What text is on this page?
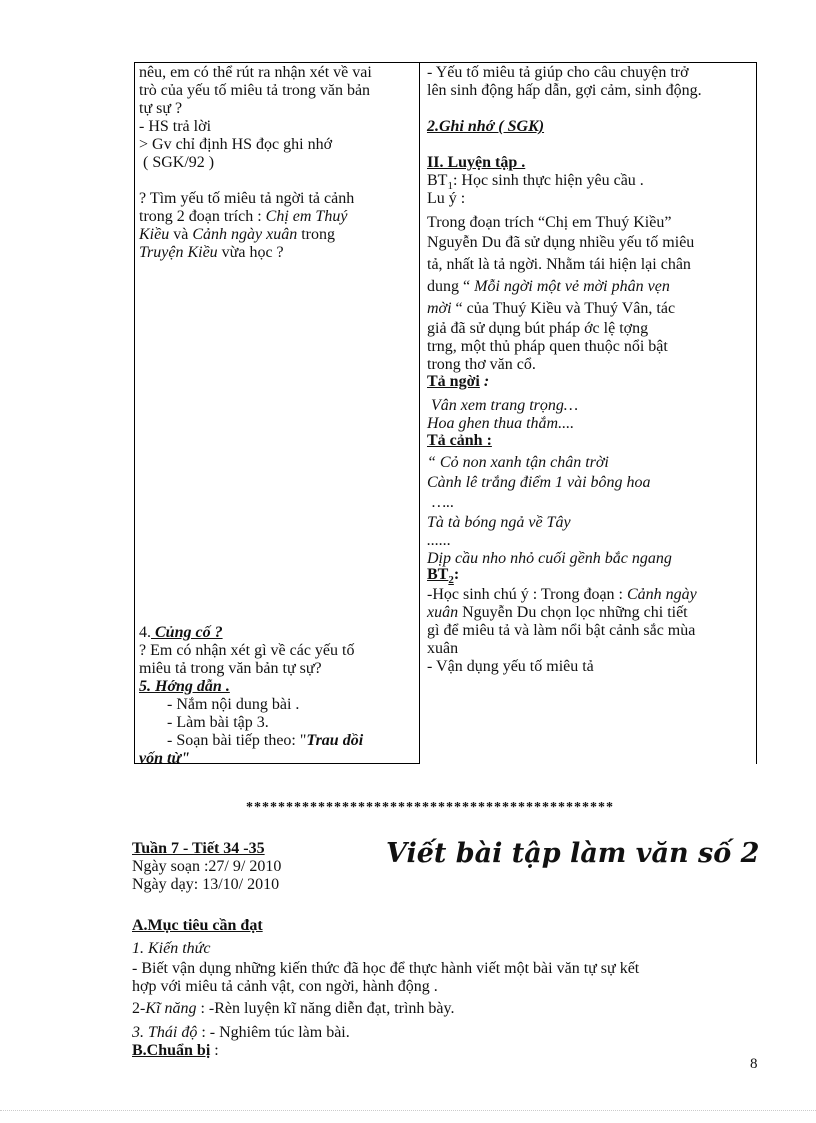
nêu, em có thể rút ra nhận xét về vai
trò của yếu tố miêu tả trong văn bản
tự sự ?
- HS trả lời
> Gv chỉ định HS đọc ghi nhớ
( SGK/92 )
? Tìm yếu tố miêu tả ngời tả cảnh
trong 2 đoạn trích : Chị em Thuý
Kiều và Cảnh ngày xuân trong
Truyện Kiều vừa học ?
4. Củng cố ?
? Em có nhận xét gì về các yếu tố
miêu tả trong văn bản tự sự?
5. Hớng dẫn .
- Nắm nội dung bài .
- Làm bài tập 3.
- Soạn bài tiếp theo: "Trau dồi
vốn từ"
- Yếu tố miêu tả giúp cho câu chuyện trở
lên sinh động hấp dẫn, gợi cảm, sinh động.
2.Ghi nhớ ( SGK)
II. Luyện tập .
$BT_1$: Học sinh thực hiện yêu cầu .
Lu ý :
Trong đoạn trích “Chị em Thuý Kiều”
Nguyễn Du đã sử dụng nhiều yếu tố miêu
tả, nhất là tả ngời. Nhằm tái hiện lại chân
dung “ Mỗi ngời một vẻ mời phân vẹn
mời “ của Thuý Kiều và Thuý Vân, tác
giả đã sử dụng bút pháp ớc lệ tợng
trng, một thủ pháp quen thuộc nổi bật
trong thơ văn cổ.
Tả ngời :
Vân xem trang trọng…
Hoa ghen thua thắm....
Tả cảnh :
“ Cỏ non xanh tận chân trời
Cành lê trắng điểm 1 vài bông hoa
…..
Tà tà bóng ngả về Tây
......
Dịp cầu nho nhỏ cuối gềnh bắc ngang
$BT_2$:
-Học sinh chú ý : Trong đoạn : Cảnh ngày
xuân Nguyễn Du chọn lọc những chi tiết
gì để miêu tả và làm nổi bật cảnh sắc mùa
xuân
- Vận dụng yếu tố miêu tả
**********************************************
Tuần 7 - Tiết 34 -35
Ngày soạn :27/ 9/ 2010
Ngày dạy: 13/10/ 2010
Viết bài tập làm văn số 2
A.Mục tiêu cần đạt
1. Kiến thức
- Biết vận dụng những kiến thức đã học để thực hành viết một bài văn tự sự kết
hợp với miêu tả cảnh vật, con ngời, hành động .
2-Kĩ năng : -Rèn luyện kĩ năng diễn đạt, trình bày.
3. Thái độ : - Nghiêm túc làm bài.
B.Chuẩn bị :
8
